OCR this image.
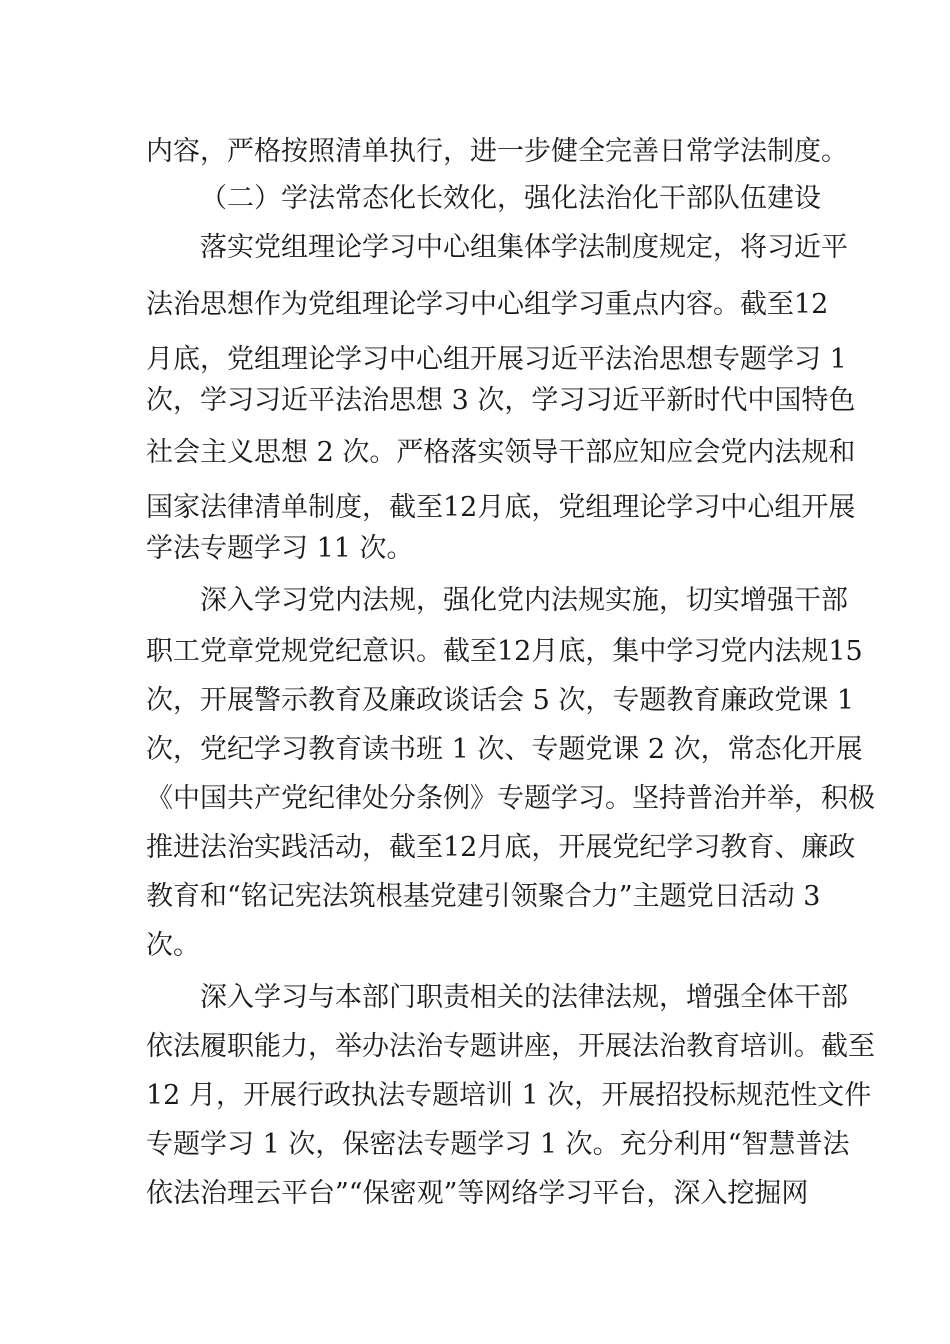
内容，严格按照清单执行，进一步健全完善日常学法制度。
（二）学法常态化长效化，强化法治化干部队伍建设
落实党组理论学习中心组集体学法制度规定，将习近平
法治思想作为党组理论学习中心组学习重点内容。截至12
月底，党组理论学习中心组开展习近平法治思想专题学习 1
次，学习习近平法治思想 3 次，学习习近平新时代中国特色
社会主义思想 2 次。严格落实领导干部应知应会党内法规和
国家法律清单制度，截至12月底，党组理论学习中心组开展
学法专题学习 11 次。
深入学习党内法规，强化党内法规实施，切实增强干部
职工党章党规党纪意识。截至12月底，集中学习党内法规15
次，开展警示教育及廉政谈话会 5 次，专题教育廉政党课 1
次，党纪学习教育读书班 1 次、专题党课 2 次，常态化开展
《中国共产党纪律处分条例》专题学习。坚持普治并举，积极
推进法治实践活动，截至12月底，开展党纪学习教育、廉政
教育和“铭记宪法筑根基党建引领聚合力”主题党日活动 3
次。
深入学习与本部门职责相关的法律法规，增强全体干部
依法履职能力，举办法治专题讲座，开展法治教育培训。截至
12 月，开展行政执法专题培训 1 次，开展招投标规范性文件
专题学习 1 次，保密法专题学习 1 次。充分利用“智慧普法
依法治理云平台”“保密观”等网络学习平台，深入挖掘网
